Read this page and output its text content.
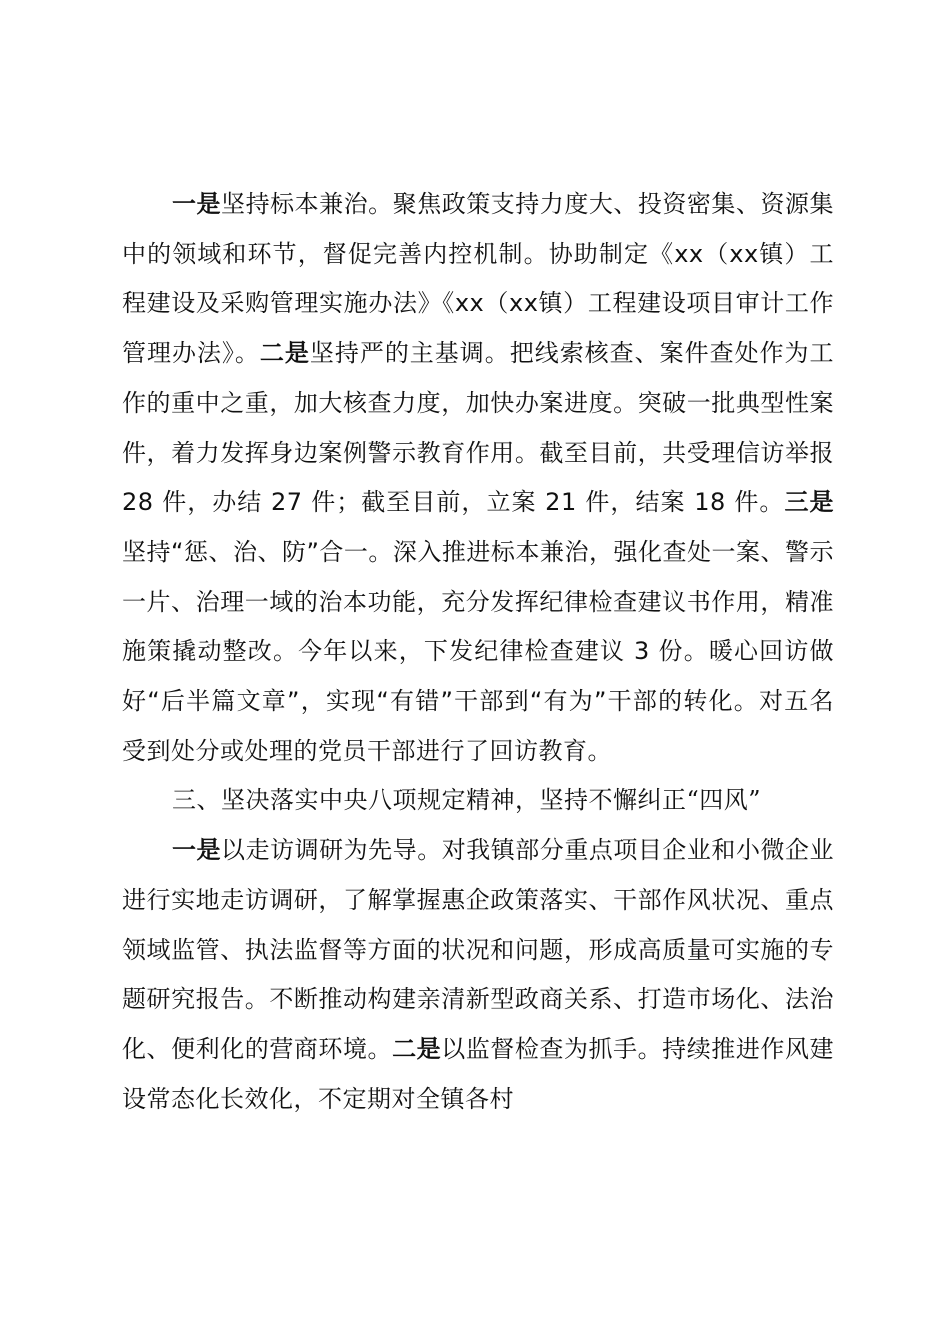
一是坚持标本兼治。聚焦政策支持力度大、投资密集、资源集中的领域和环节，督促完善内控机制。协助制定《xx（xx镇）工程建设及采购管理实施办法》《xx（xx镇）工程建设项目审计工作管理办法》。二是坚持严的主基调。把线索核查、案件查处作为工作的重中之重，加大核查力度，加快办案进度。突破一批典型性案件，着力发挥身边案例警示教育作用。截至目前，共受理信访举报 28 件，办结 27 件；截至目前，立案 21 件，结案 18 件。三是坚持“惩、治、防”合一。深入推进标本兼治，强化查处一案、警示一片、治理一域的治本功能，充分发挥纪律检查建议书作用，精准施策撬动整改。今年以来，下发纪律检查建议 3 份。暖心回访做好“后半篇文章”，实现“有错”干部到“有为”干部的转化。对五名受到处分或处理的党员干部进行了回访教育。

三、坚决落实中央八项规定精神，坚持不懈纠正“四风”

一是以走访调研为先导。对我镇部分重点项目企业和小微企业进行实地走访调研，了解掌握惠企政策落实、干部作风状况、重点领域监管、执法监督等方面的状况和问题，形成高质量可实施的专题研究报告。不断推动构建亲清新型政商关系、打造市场化、法治化、便利化的营商环境。二是以监督检查为抓手。持续推进作风建设常态化长效化，不定期对全镇各村
